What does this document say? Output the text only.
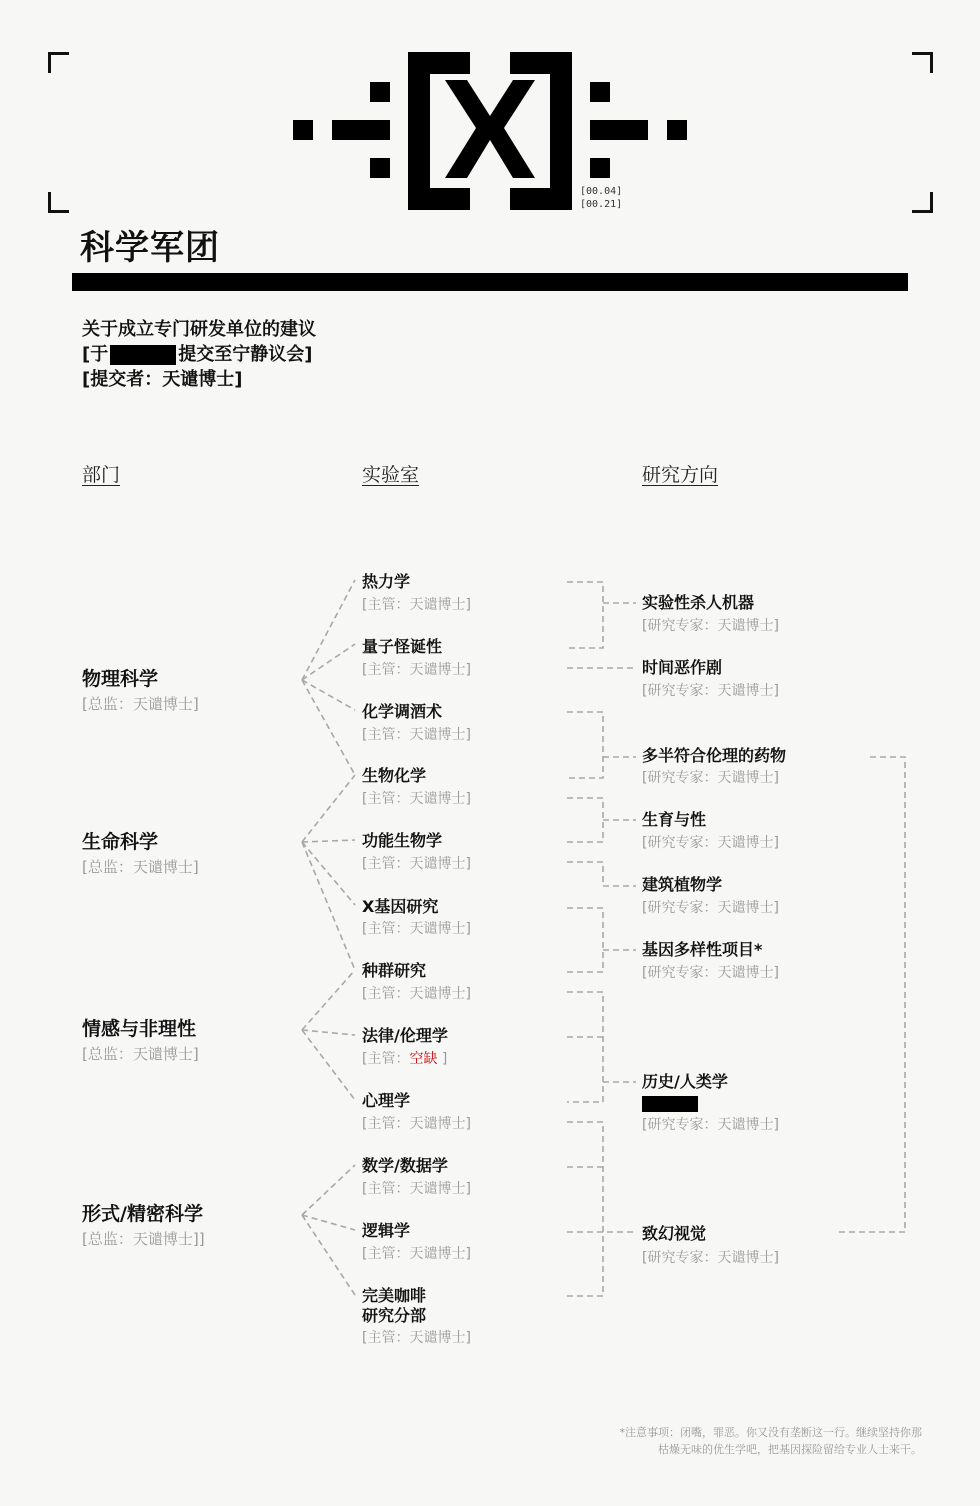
[00.04]
[00.21]
科学军团
关于成立专门研发单位的建议
[于	提交至宁静议会]
[提交者：天谴博士]
部门	实验室	研究方向
物理科学
[总监：天谴博士]
生命科学
[总监：天谴博士]
情感与非理性
[总监：天谴博士]
形式/精密科学
[总监：天谴博士]]
热力学
[主管：天谴博士]
量子怪诞性
[主管：天谴博士]
化学调酒术
[主管：天谴博士]
生物化学
[主管：天谴博士]
功能生物学
[主管：天谴博士]
X基因研究
[主管：天谴博士]
种群研究
[主管：天谴博士]
法律/伦理学
[主管：空缺 ]
心理学
[主管：天谴博士]
数学/数据学
[主管：天谴博士]
逻辑学
[主管：天谴博士]
完美咖啡
研究分部
[主管：天谴博士]
实验性杀人机器
[研究专家：天谴博士]
时间恶作剧
[研究专家：天谴博士]
多半符合伦理的药物
[研究专家：天谴博士]
生育与性
[研究专家：天谴博士]
建筑植物学
[研究专家：天谴博士]
基因多样性项目*
[研究专家：天谴博士]
历史/人类学
[研究专家：天谴博士]
致幻视觉
[研究专家：天谴博士]
*注意事项：闭嘴，罪恶。你又没有垄断这一行。继续坚持你那
枯燥无味的优生学吧，把基因探险留给专业人士来干。
